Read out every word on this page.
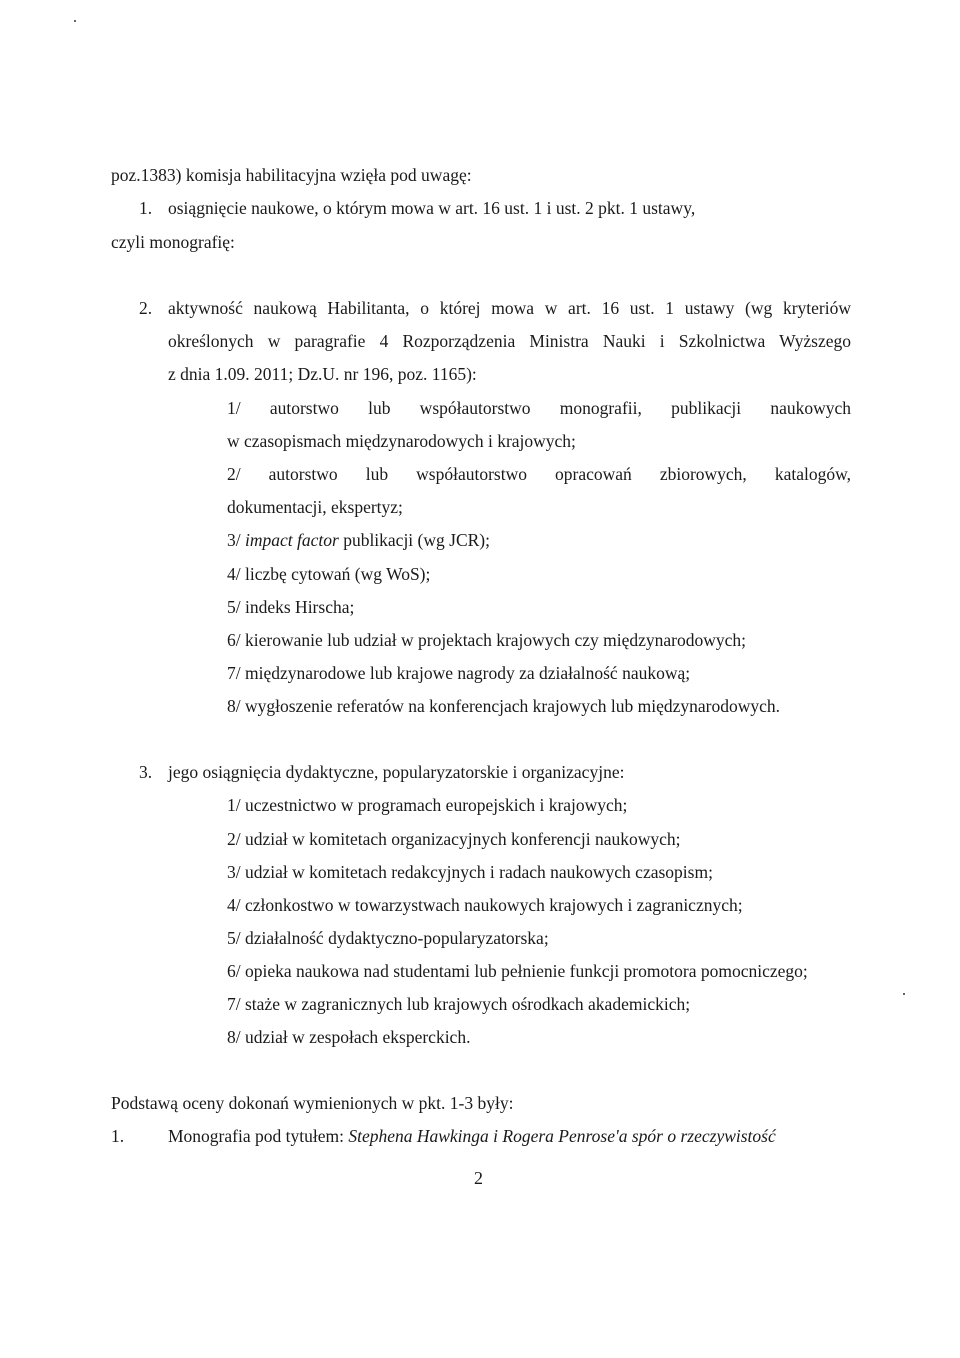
poz.1383) komisja habilitacyjna wzięła pod uwagę:
1. osiągnięcie naukowe, o którym mowa w art. 16 ust. 1 i ust. 2 pkt. 1 ustawy,
czyli monografię:
2. aktywność naukową Habilitanta, o której mowa w art. 16 ust. 1 ustawy (wg kryteriów
określonych w paragrafie 4 Rozporządzenia Ministra Nauki i Szkolnictwa Wyższego
z dnia 1.09. 2011; Dz.U. nr 196, poz. 1165):
1/ autorstwo lub współautorstwo monografii, publikacji naukowych
w czasopismach międzynarodowych i krajowych;
2/ autorstwo lub współautorstwo opracowań zbiorowych, katalogów,
dokumentacji, ekspertyz;
3/ impact factor publikacji (wg JCR);
4/ liczbę cytowań (wg WoS);
5/ indeks Hirscha;
6/ kierowanie lub udział w projektach krajowych czy międzynarodowych;
7/ międzynarodowe lub krajowe nagrody za działalność naukową;
8/ wygłoszenie referatów na konferencjach krajowych lub międzynarodowych.
3. jego osiągnięcia dydaktyczne, popularyzatorskie i organizacyjne:
1/ uczestnictwo w programach europejskich i krajowych;
2/ udział w komitetach organizacyjnych konferencji naukowych;
3/ udział w komitetach redakcyjnych i radach naukowych czasopism;
4/ członkostwo w towarzystwach naukowych krajowych i zagranicznych;
5/ działalność dydaktyczno-popularyzatorska;
6/ opieka naukowa nad studentami lub pełnienie funkcji promotora pomocniczego;
7/ staże w zagranicznych lub krajowych ośrodkach akademickich;
8/ udział w zespołach eksperckich.
Podstawą oceny dokonań wymienionych w pkt. 1-3 były:
1.	Monografia pod tytułem: Stephena Hawkinga i Rogera Penrose'a spór o rzeczywistość
2
